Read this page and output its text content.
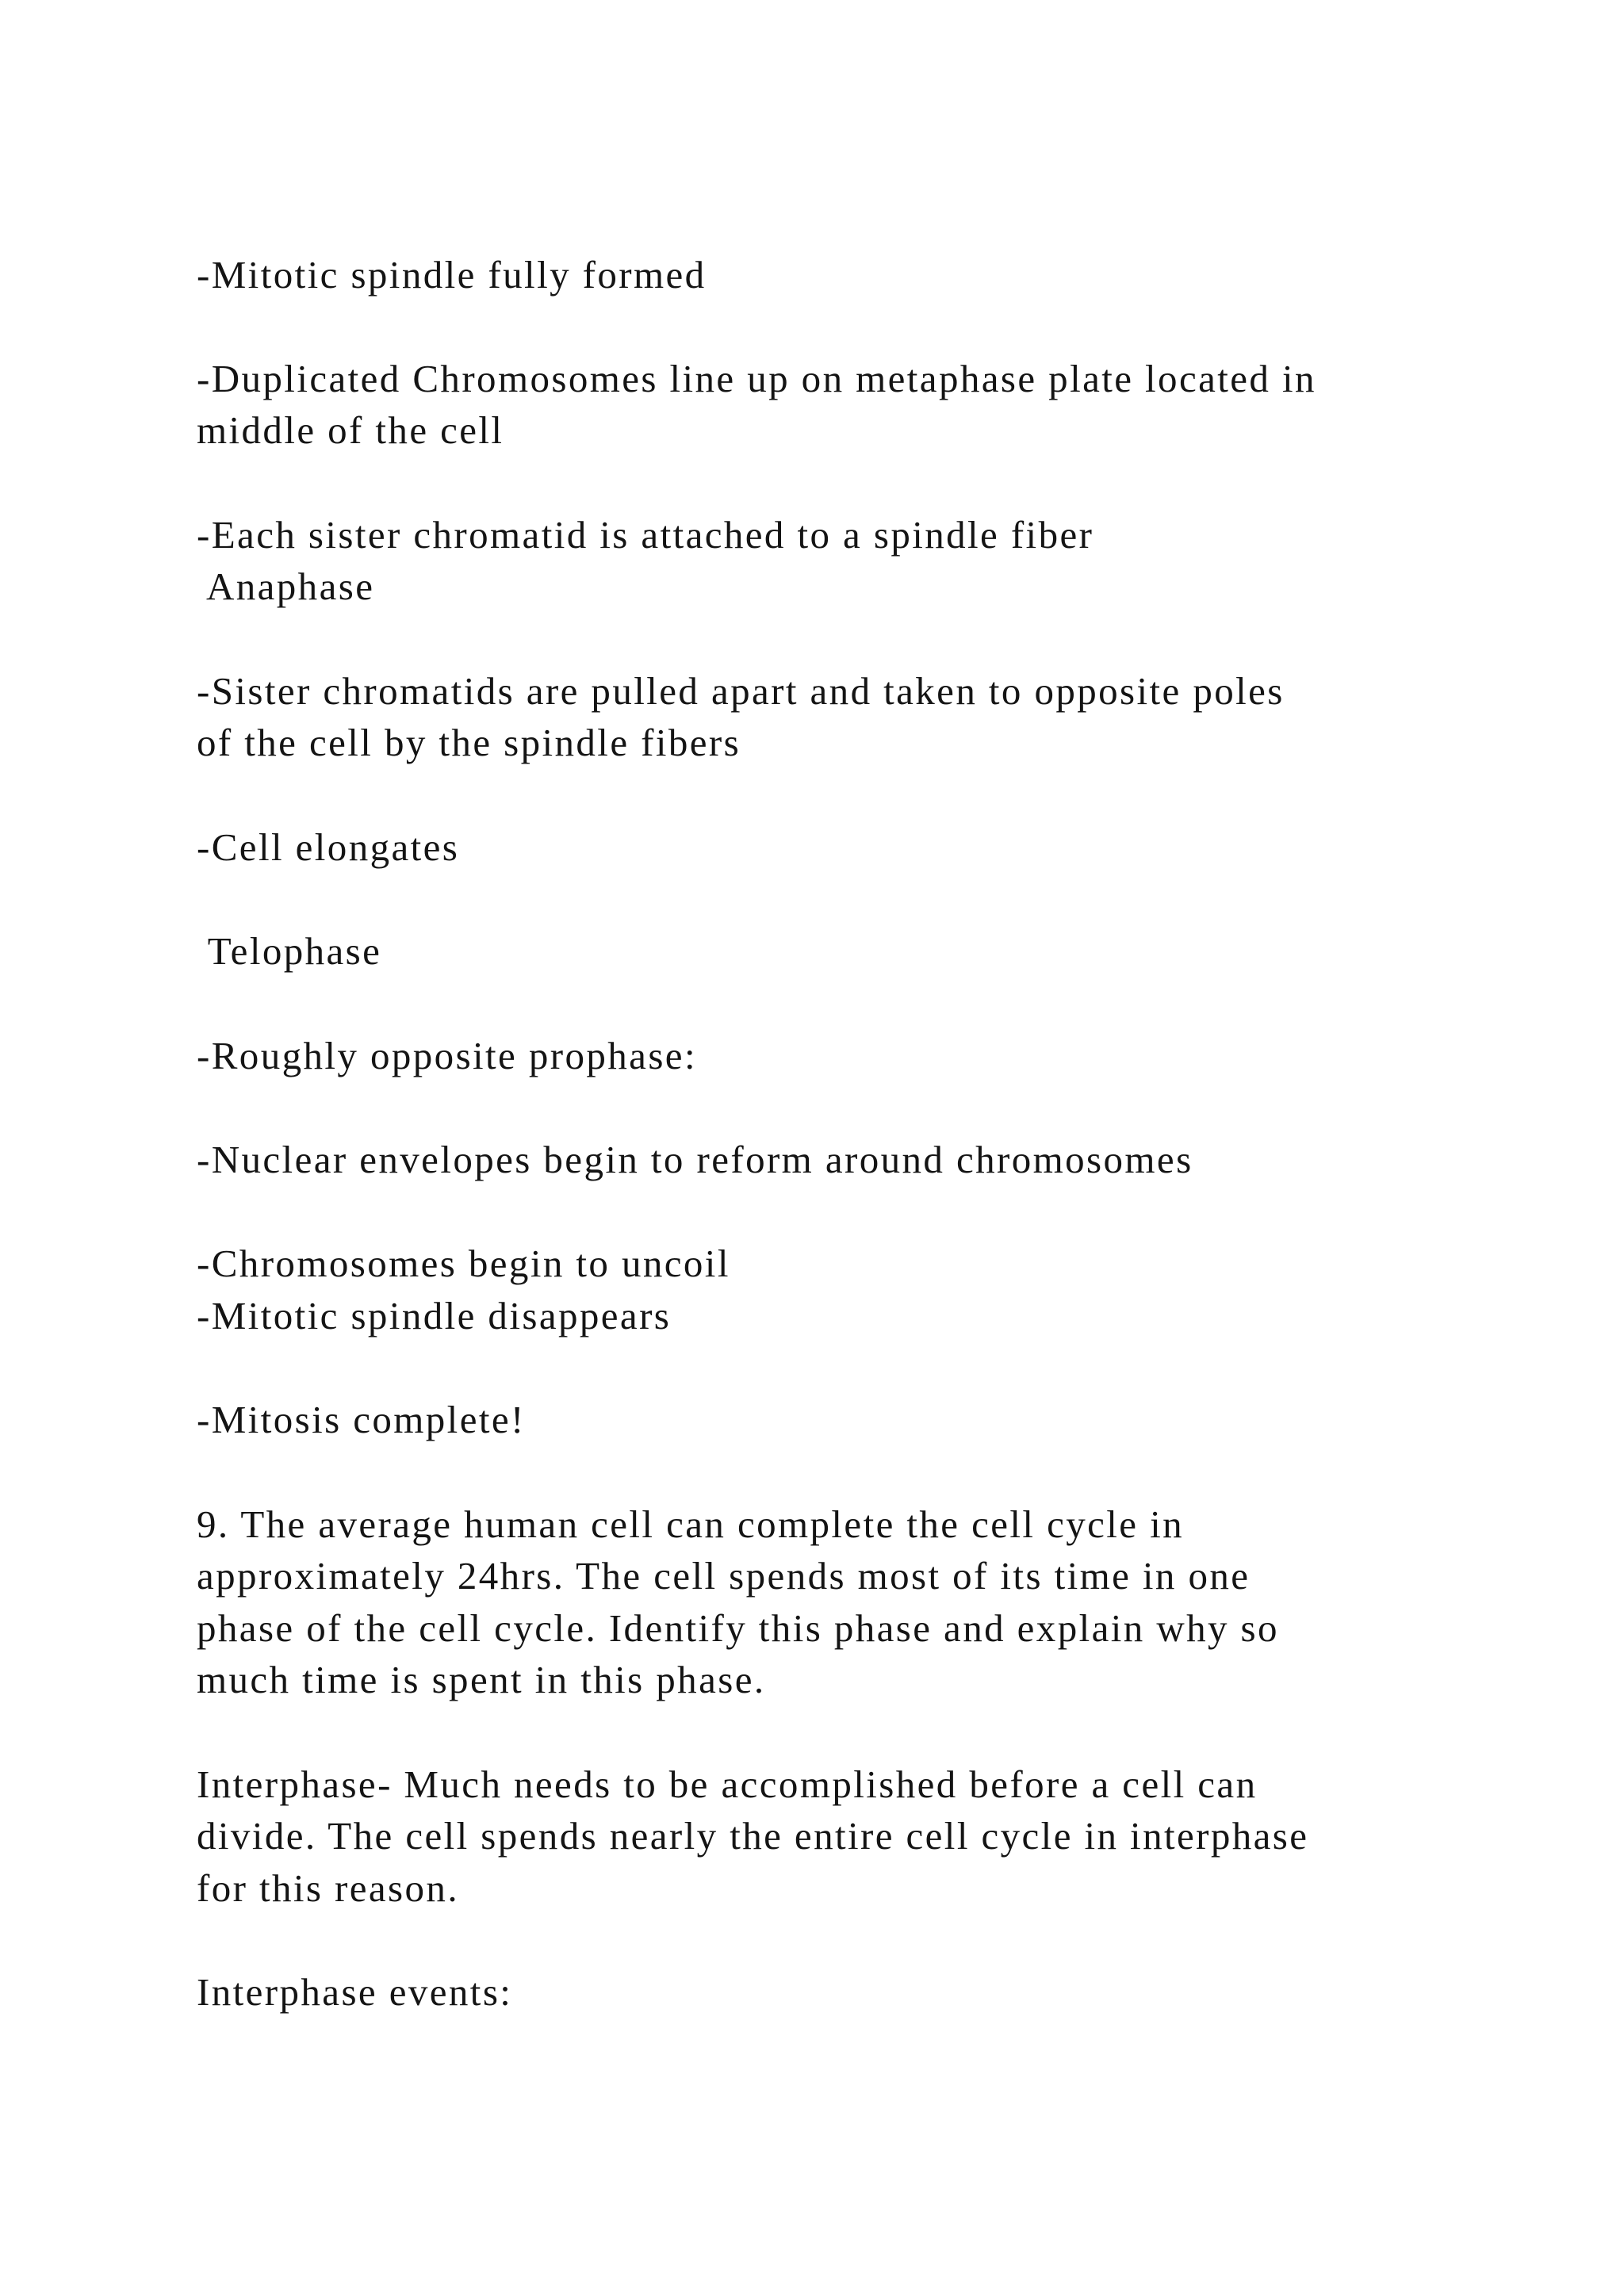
-Mitotic spindle fully formed

-Duplicated Chromosomes line up on metaphase plate located in

middle of the cell

-Each sister chromatid is attached to a spindle fiber

Anaphase

-Sister chromatids are pulled apart and taken to opposite poles

of the cell by the spindle fibers

-Cell elongates

Telophase

-Roughly opposite prophase:

-Nuclear envelopes begin to reform around chromosomes

-Chromosomes begin to uncoil

-Mitotic spindle disappears

-Mitosis complete!

9. The average human cell can complete the cell cycle in

approximately 24hrs. The cell spends most of its time in one

phase of the cell cycle. Identify this phase and explain why so

much time is spent in this phase.

Interphase- Much needs to be accomplished before a cell can

divide. The cell spends nearly the entire cell cycle in interphase

for this reason.

Interphase events:
